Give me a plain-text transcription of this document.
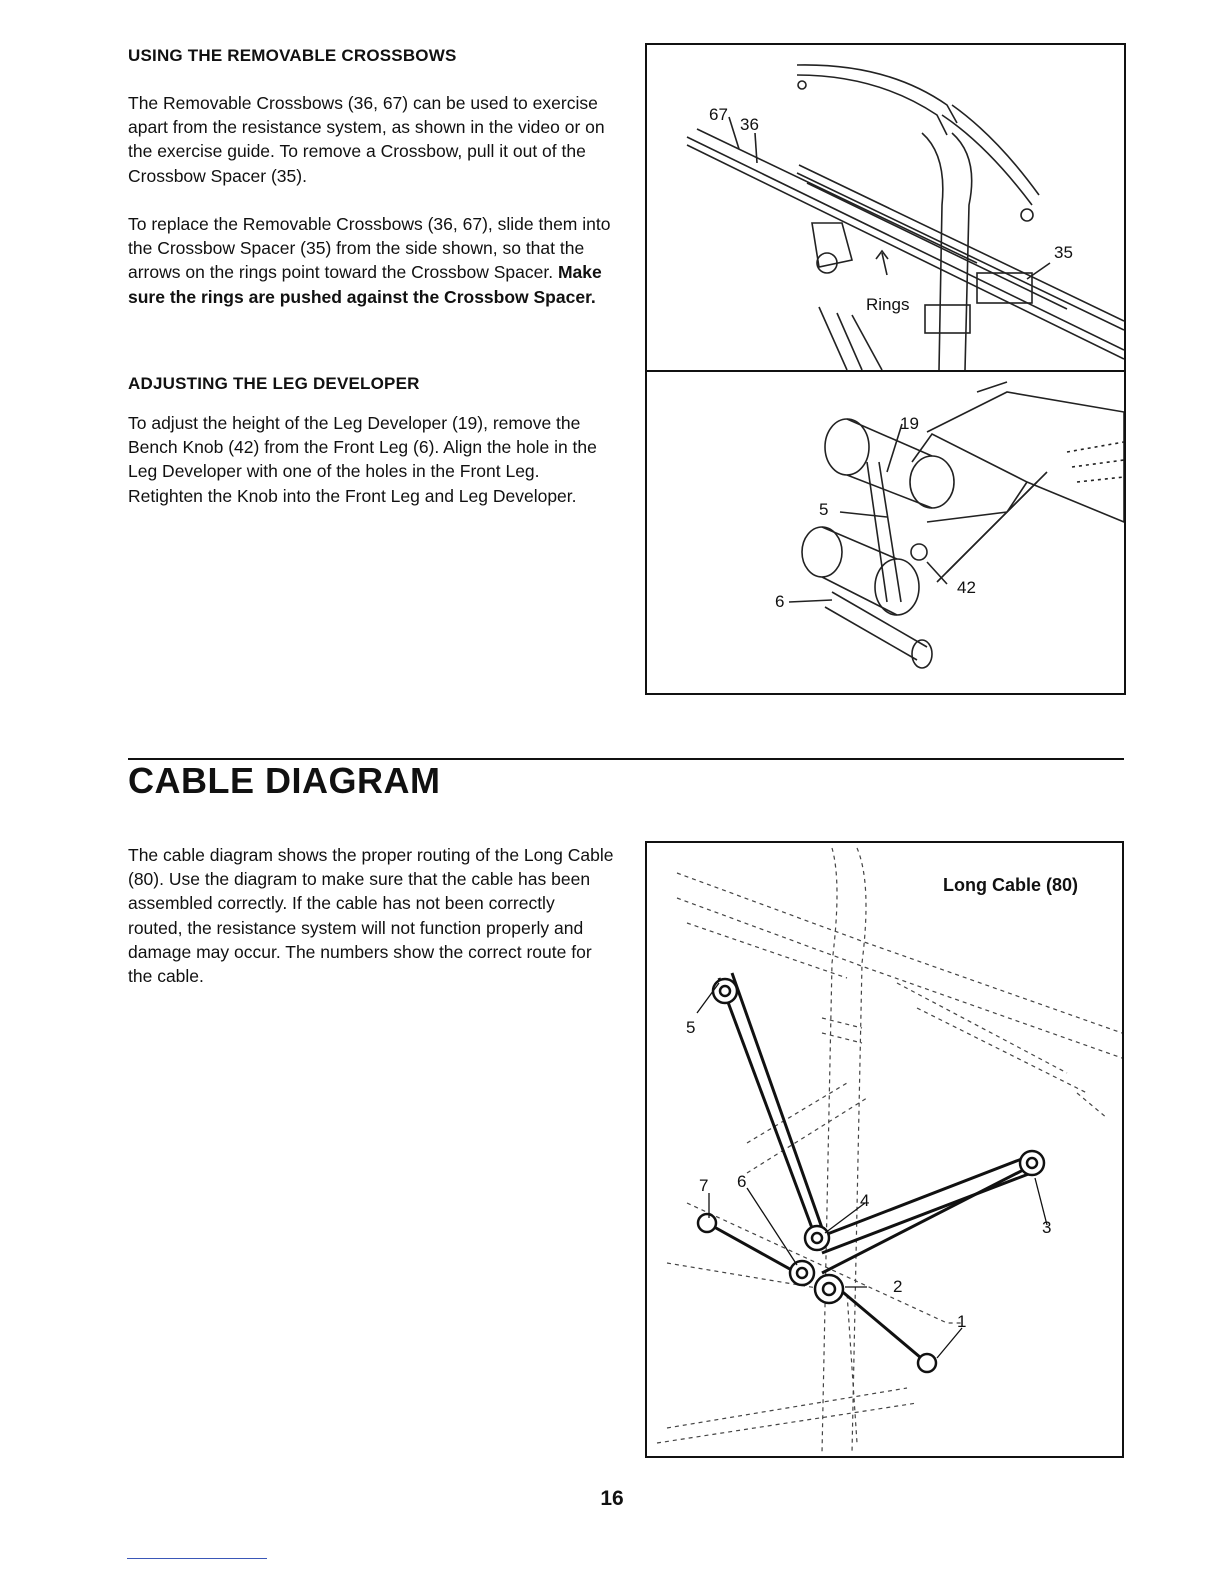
USING THE REMOVABLE CROSSBOWS

The Removable Crossbows (36, 67) can be used to exercise apart from the resistance system, as shown in the video or on the exercise guide. To remove a Crossbow, pull it out of the Crossbow Spacer (35).

To replace the Removable Crossbows (36, 67), slide them into the Crossbow Spacer (35) from the side shown, so that the arrows on the rings point toward the Crossbow Spacer. Make sure the rings are pushed against the Crossbow Spacer.

ADJUSTING THE LEG DEVELOPER

To adjust the height of the Leg Developer (19), remove the Bench Knob (42) from the Front Leg (6). Align the hole in the Leg Developer with one of the holes in the Front Leg. Retighten the Knob into the Front Leg and Leg Developer.

67
36
35
Rings
19
5
6
42
CABLE DIAGRAM

The cable diagram shows the proper routing of the Long Cable (80). Use the diagram to make sure that the cable has been assembled correctly. If the cable has not been correctly routed, the resistance system will not function properly and damage may occur. The numbers show the correct route for the cable.

Long Cable (80)
5
7 6
4
3
2
1
16
